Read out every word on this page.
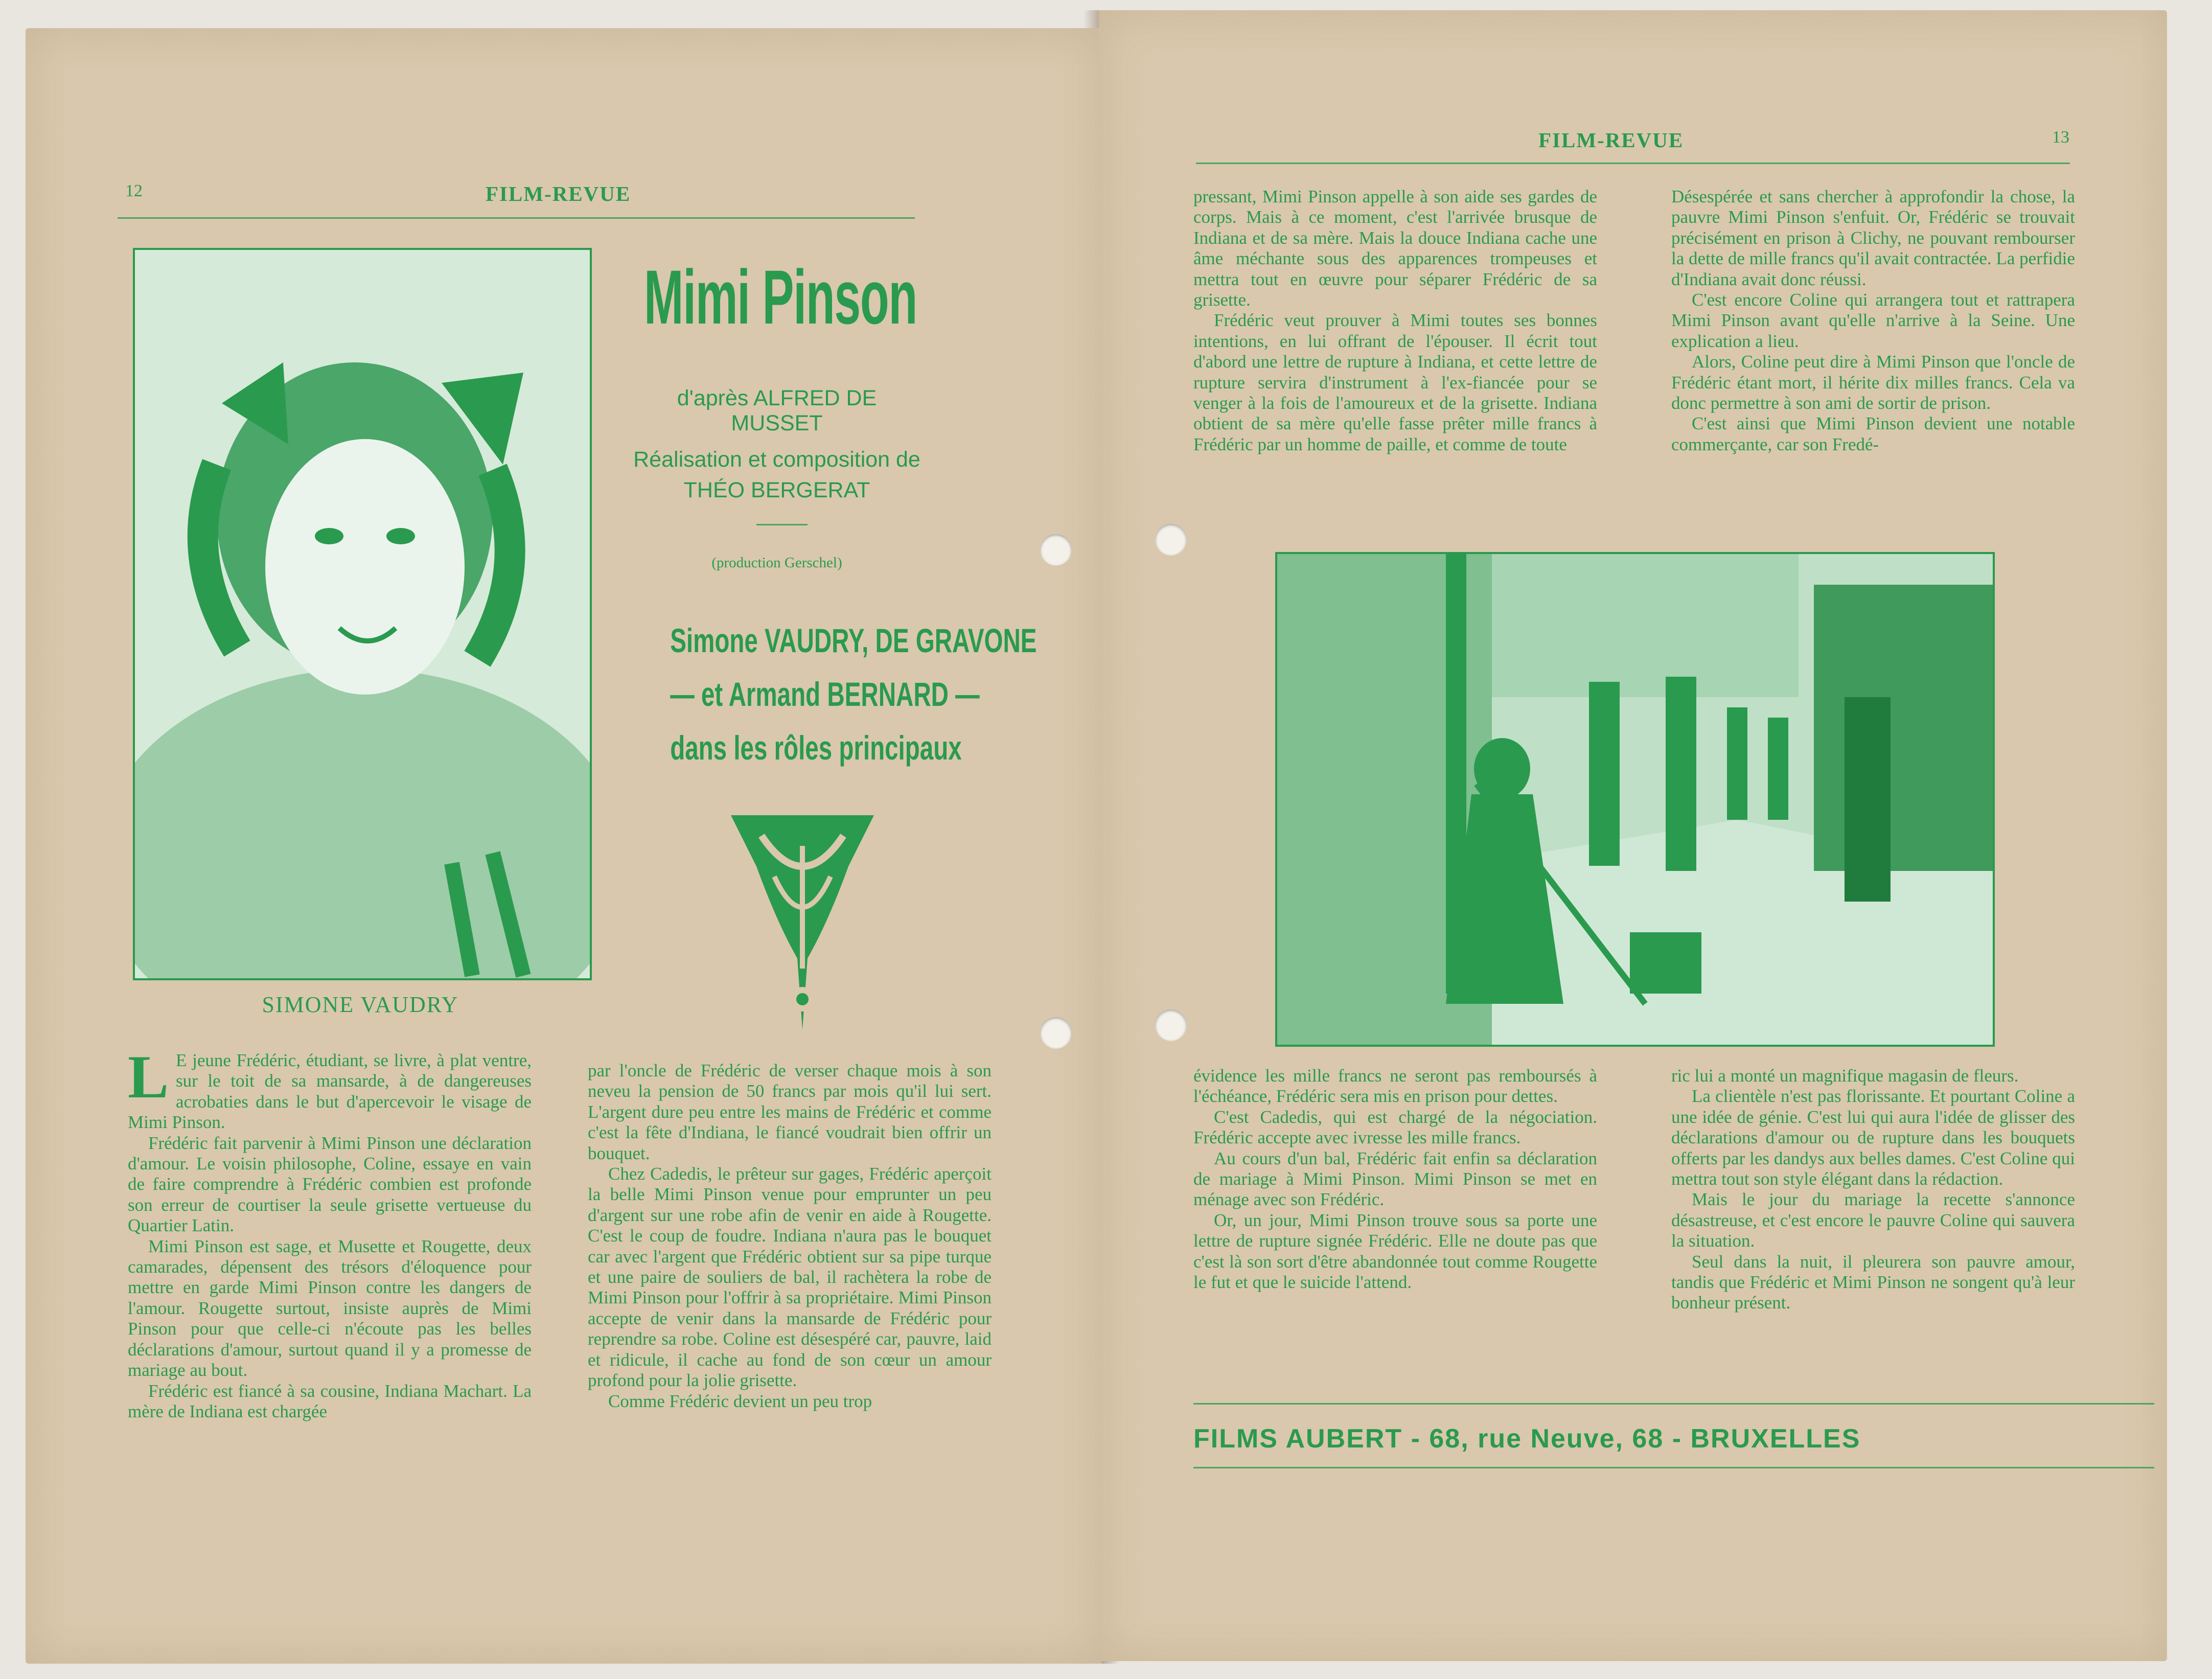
12	FILM-REVUE
SIMONE VAUDRY
Mimi Pinson
d'après ALFRED DE MUSSET
Réalisation et composition de
THÉO BERGERAT
(production Gerschel)
Simone VAUDRY, DE GRAVONE
— et Armand BERNARD —
dans les rôles principaux

L E jeune Frédéric, étudiant, se livre, à plat ventre, sur le toit de sa mansarde, à de dangereuses acrobaties dans le but d'apercevoir le visage de Mimi Pinson.

Frédéric fait parvenir à Mimi Pinson une déclaration d'amour. Le voisin philosophe, Coline, essaye en vain de faire comprendre à Frédéric combien est profonde son erreur de courtiser la seule grisette vertueuse du Quartier Latin.

Mimi Pinson est sage, et Musette et Rougette, deux camarades, dépensent des trésors d'éloquence pour mettre en garde Mimi Pinson contre les dangers de l'amour. Rougette surtout, insiste auprès de Mimi Pinson pour que celle-ci n'écoute pas les belles déclarations d'amour, surtout quand il y a promesse de mariage au bout.

Frédéric est fiancé à sa cousine, Indiana Machart. La mère de Indiana est chargée

par l'oncle de Frédéric de verser chaque mois à son neveu la pension de 50 francs par mois qu'il lui sert. L'argent dure peu entre les mains de Frédéric et comme c'est la fête d'Indiana, le fiancé voudrait bien offrir un bouquet.

Chez Cadedis, le prêteur sur gages, Frédéric aperçoit la belle Mimi Pinson venue pour emprunter un peu d'argent sur une robe afin de venir en aide à Rougette. C'est le coup de foudre. Indiana n'aura pas le bouquet car avec l'argent que Frédéric obtient sur sa pipe turque et une paire de souliers de bal, il rachètera la robe de Mimi Pinson pour l'offrir à sa propriétaire. Mimi Pinson accepte de venir dans la mansarde de Frédéric pour reprendre sa robe. Coline est désespéré car, pauvre, laid et ridicule, il cache au fond de son cœur un amour profond pour la jolie grisette.

Comme Frédéric devient un peu trop

FILM-REVUE	13

pressant, Mimi Pinson appelle à son aide ses gardes de corps. Mais à ce moment, c'est l'arrivée brusque de Indiana et de sa mère. Mais la douce Indiana cache une âme méchante sous des apparences trompeuses et mettra tout en œuvre pour séparer Frédéric de sa grisette.

Frédéric veut prouver à Mimi toutes ses bonnes intentions, en lui offrant de l'épouser. Il écrit tout d'abord une lettre de rupture à Indiana, et cette lettre de rupture servira d'instrument à l'ex-fiancée pour se venger à la fois de l'amoureux et de la grisette. Indiana obtient de sa mère qu'elle fasse prêter mille francs à Frédéric par un homme de paille, et comme de toute

Désespérée et sans chercher à approfondir la chose, la pauvre Mimi Pinson s'enfuit. Or, Frédéric se trouvait précisément en prison à Clichy, ne pouvant rembourser la dette de mille francs qu'il avait contractée. La perfidie d'Indiana avait donc réussi.

C'est encore Coline qui arrangera tout et rattrapera Mimi Pinson avant qu'elle n'arrive à la Seine. Une explication a lieu.

Alors, Coline peut dire à Mimi Pinson que l'oncle de Frédéric étant mort, il hérite dix milles francs. Cela va donc permettre à son ami de sortir de prison.

C'est ainsi que Mimi Pinson devient une notable commerçante, car son Fredé-

évidence les mille francs ne seront pas remboursés à l'échéance, Frédéric sera mis en prison pour dettes.

C'est Cadedis, qui est chargé de la négociation. Frédéric accepte avec ivresse les mille francs.

Au cours d'un bal, Frédéric fait enfin sa déclaration de mariage à Mimi Pinson. Mimi Pinson se met en ménage avec son Frédéric.

Or, un jour, Mimi Pinson trouve sous sa porte une lettre de rupture signée Frédéric. Elle ne doute pas que c'est là son sort d'être abandonnée tout comme Rougette le fut et que le suicide l'attend.

ric lui a monté un magnifique magasin de fleurs.

La clientèle n'est pas florissante. Et pourtant Coline a une idée de génie. C'est lui qui aura l'idée de glisser des déclarations d'amour ou de rupture dans les bouquets offerts par les dandys aux belles dames. C'est Coline qui mettra tout son style élégant dans la rédaction.

Mais le jour du mariage la recette s'annonce désastreuse, et c'est encore le pauvre Coline qui sauvera la situation.

Seul dans la nuit, il pleurera son pauvre amour, tandis que Frédéric et Mimi Pinson ne songent qu'à leur bonheur présent.

FILMS AUBERT - 68, rue Neuve, 68 - BRUXELLES
